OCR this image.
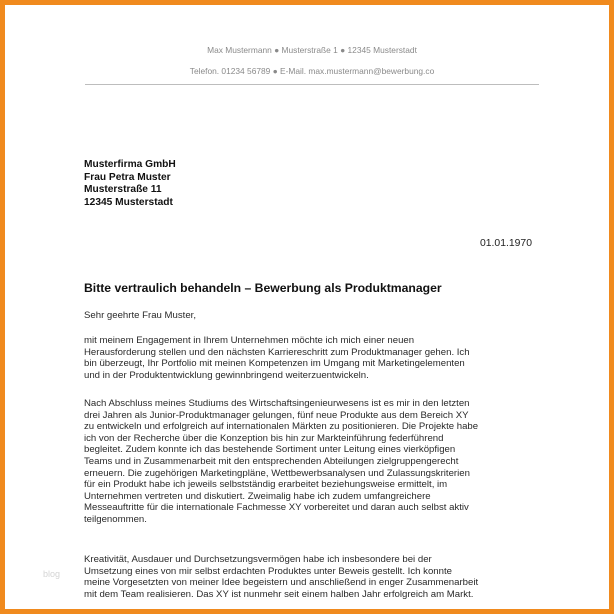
Max Mustermann ● Musterstraße 1 ● 12345 Musterstadt
Telefon. 01234 56789 ● E-Mail. max.mustermann@bewerbung.co
Musterfirma GmbH
Frau Petra Muster
Musterstraße 11
12345 Musterstadt
01.01.1970
Bitte vertraulich behandeln – Bewerbung als Produktmanager
Sehr geehrte Frau Muster,
mit meinem Engagement in Ihrem Unternehmen möchte ich mich einer neuen
Herausforderung stellen und den nächsten Karriereschritt zum Produktmanager gehen. Ich
bin überzeugt, Ihr Portfolio mit meinen Kompetenzen im Umgang mit Marketingelementen
und in der Produktentwicklung gewinnbringend weiterzuentwickeln.
Nach Abschluss meines Studiums des Wirtschaftsingenieurwesens ist es mir in den letzten
drei Jahren als Junior-Produktmanager gelungen, fünf neue Produkte aus dem Bereich XY
zu entwickeln und erfolgreich auf internationalen Märkten zu positionieren. Die Projekte habe
ich von der Recherche über die Konzeption bis hin zur Markteinführung federführend
begleitet. Zudem konnte ich das bestehende Sortiment unter Leitung eines vierköpfigen
Teams und in Zusammenarbeit mit den entsprechenden Abteilungen zielgruppengerecht
erneuern. Die zugehörigen Marketingpläne, Wettbewerbsanalysen und Zulassungskriterien
für ein Produkt habe ich jeweils selbstständig erarbeitet beziehungsweise ermittelt, im
Unternehmen vertreten und diskutiert. Zweimalig habe ich zudem umfangreichere
Messeauftritte für die internationale Fachmesse XY vorbereitet und daran auch selbst aktiv
teilgenommen.
Kreativität, Ausdauer und Durchsetzungsvermögen habe ich insbesondere bei der
Umsetzung eines von mir selbst erdachten Produktes unter Beweis gestellt. Ich konnte
meine Vorgesetzten von meiner Idee begeistern und anschließend in enger Zusammenarbeit
mit dem Team realisieren. Das XY ist nunmehr seit einem halben Jahr erfolgreich am Markt.
blog
